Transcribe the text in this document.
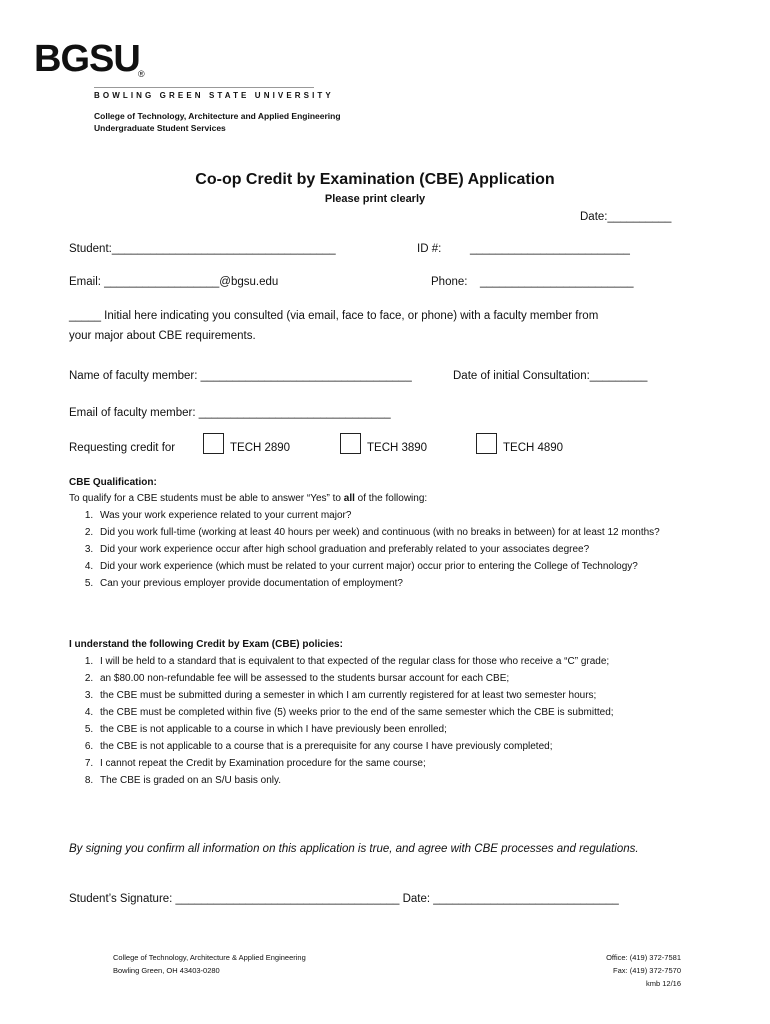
BGSU
®
BOWLING GREEN STATE UNIVERSITY
College of Technology, Architecture and Applied Engineering
Undergraduate Student Services
Co-op Credit by Examination (CBE) Application
Please print clearly
Date:__________
Student:___________________________________	ID #: _________________________
Email: __________________@bgsu.edu	Phone: ________________________
_____ Initial here indicating you consulted (via email, face to face, or phone) with a faculty member from
your major about CBE requirements.
Name of faculty member: _________________________________	Date of initial Consultation:_________
Email of faculty member: ______________________________
Requesting credit for	TECH 2890	TECH 3890	TECH 4890
CBE Qualification:
To qualify for a CBE students must be able to answer “Yes” to all of the following:
1. Was your work experience related to your current major?
2. Did you work full-time (working at least 40 hours per week) and continuous (with no breaks in between) for at least 12 months?
3. Did your work experience occur after high school graduation and preferably related to your associates degree?
4. Did your work experience (which must be related to your current major) occur prior to entering the College of Technology?
5. Can your previous employer provide documentation of employment?
I understand the following Credit by Exam (CBE) policies:
1. I will be held to a standard that is equivalent to that expected of the regular class for those who receive a “C” grade;
2. an $80.00 non-refundable fee will be assessed to the students bursar account for each CBE;
3. the CBE must be submitted during a semester in which I am currently registered for at least two semester hours;
4. the CBE must be completed within five (5) weeks prior to the end of the same semester which the CBE is submitted;
5. the CBE is not applicable to a course in which I have previously been enrolled;
6. the CBE is not applicable to a course that is a prerequisite for any course I have previously completed;
7. I cannot repeat the Credit by Examination procedure for the same course;
8. The CBE is graded on an S/U basis only.
By signing you confirm all information on this application is true, and agree with CBE processes and regulations.
Student’s Signature: ___________________________________ Date: _____________________________
College of Technology, Architecture & Applied Engineering
Bowling Green, OH 43403-0280
Office: (419) 372-7581
Fax: (419) 372-7570
kmb 12/16
